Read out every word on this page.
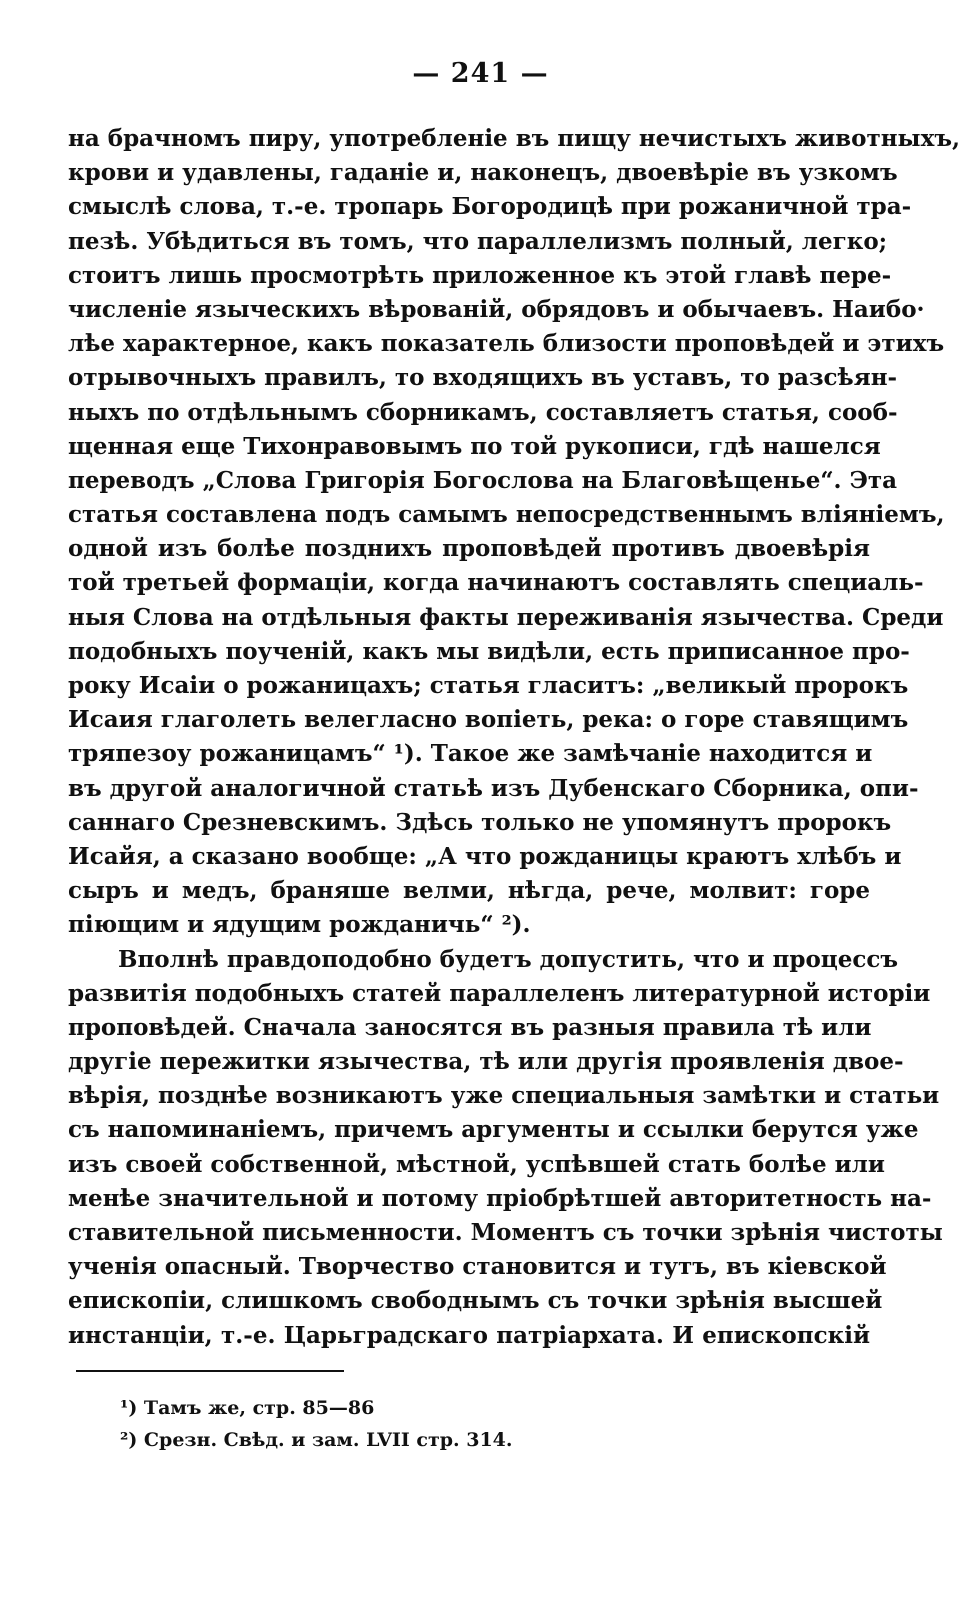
— 241 —
на брачномъ пиру, употребленіе въ пищу нечистыхъ животныхъ,
крови и удавлены, гаданіе и, наконецъ, двоевѣріе въ узкомъ
смыслѣ слова, т.-е. тропарь Богородицѣ при рожаничной тра-
пезѣ. Убѣдиться въ томъ, что параллелизмъ полный, легко;
стоитъ лишь просмотрѣть приложенное къ этой главѣ пере-
численіе языческихъ вѣрованій, обрядовъ и обычаевъ. Наибо·
лѣе характерное, какъ показатель близости проповѣдей и этихъ
отрывочныхъ правилъ, то входящихъ въ уставъ, то разсѣян-
ныхъ по отдѣльнымъ сборникамъ, составляетъ статья, сооб-
щенная еще Тихонравовымъ по той рукописи, гдѣ нашелся
переводъ „Слова Григорія Богослова на Благовѣщенье“. Эта
статья составлена подъ самымъ непосредственнымъ вліяніемъ,
одной изъ болѣе позднихъ проповѣдей противъ двоевѣрія
той третьей формаціи, когда начинаютъ составлять специаль-
ныя Слова на отдѣльныя факты переживанія язычества. Среди
подобныхъ поученій, какъ мы видѣли, есть приписанное про-
року Исаіи о рожаницахъ; статья гласитъ: „великый пророкъ
Исаия глаголеть велегласно вопіеть, река: о горе ставящимъ
тряпезоу рожаницамъ“ ¹). Такое же замѣчаніе находится и
въ другой аналогичной статьѣ изъ Дубенскаго Сборника, опи-
саннаго Срезневскимъ. Здѣсь только не упомянутъ пророкъ
Исайя, а сказано вообще: „А что рожданицы краютъ хлѣбъ и
сыръ и медъ, браняше велми, нѣгда, рече, молвит: горе
піющим и ядущим рожданичь“ ²).
Вполнѣ правдоподобно будетъ допустить, что и процессъ
развитія подобныхъ статей параллеленъ литературной исторіи
проповѣдей. Сначала заносятся въ разныя правила тѣ или
другіе пережитки язычества, тѣ или другія проявленія двое-
вѣрія, позднѣе возникаютъ уже специальныя замѣтки и статьи
съ напоминаніемъ, причемъ аргументы и ссылки берутся уже
изъ своей собственной, мѣстной, успѣвшей стать болѣе или
менѣе значительной и потому пріобрѣтшей авторитетность на-
ставительной письменности. Моментъ съ точки зрѣнія чистоты
ученія опасный. Творчество становится и тутъ, въ кіевской
епископіи, слишкомъ свободнымъ съ точки зрѣнія высшей
инстанціи, т.-е. Царьградскаго патріархата. И епископскій
¹) Тамъ же, стр. 85—86
²) Срезн. Свѣд. и зам. LVII стр. 314.
